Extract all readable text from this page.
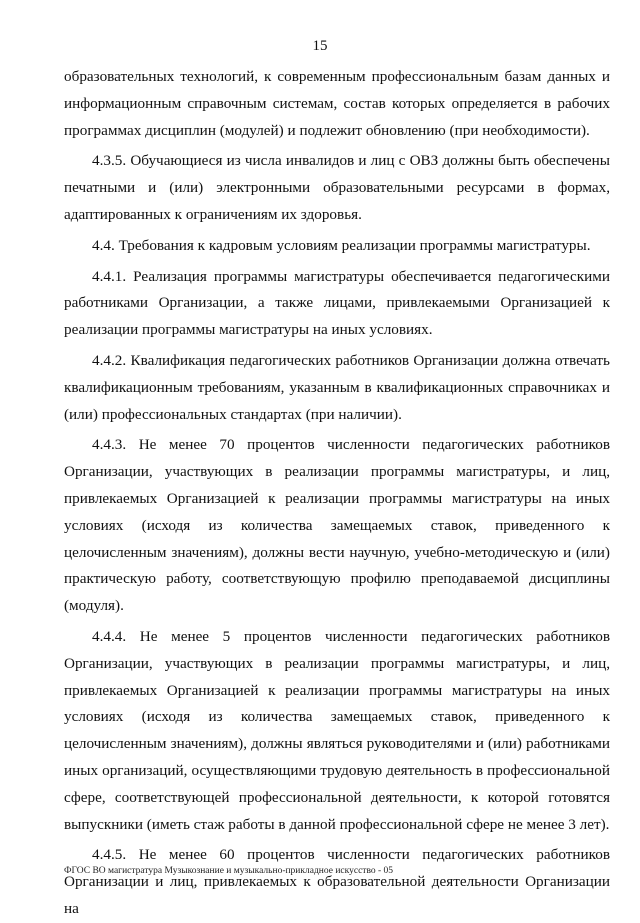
15

образовательных технологий, к современным профессиональным базам данных и информационным справочным системам, состав которых определяется в рабочих программах дисциплин (модулей) и подлежит обновлению (при необходимости).

4.3.5. Обучающиеся из числа инвалидов и лиц с ОВЗ должны быть обеспечены печатными и (или) электронными образовательными ресурсами в формах, адаптированных к ограничениям их здоровья.

4.4. Требования к кадровым условиям реализации программы магистратуры.

4.4.1. Реализация программы магистратуры обеспечивается педагогическими работниками Организации, а также лицами, привлекаемыми Организацией к реализации программы магистратуры на иных условиях.

4.4.2. Квалификация педагогических работников Организации должна отвечать квалификационным требованиям, указанным в квалификационных справочниках и (или) профессиональных стандартах (при наличии).

4.4.3. Не менее 70 процентов численности педагогических работников Организации, участвующих в реализации программы магистратуры, и лиц, привлекаемых Организацией к реализации программы магистратуры на иных условиях (исходя из количества замещаемых ставок, приведенного к целочисленным значениям), должны вести научную, учебно-методическую и (или) практическую работу, соответствующую профилю преподаваемой дисциплины (модуля).

4.4.4. Не менее 5 процентов численности педагогических работников Организации, участвующих в реализации программы магистратуры, и лиц, привлекаемых Организацией к реализации программы магистратуры на иных условиях (исходя из количества замещаемых ставок, приведенного к целочисленным значениям), должны являться руководителями и (или) работниками иных организаций, осуществляющими трудовую деятельность в профессиональной сфере, соответствующей профессиональной деятельности, к которой готовятся выпускники (иметь стаж работы в данной профессиональной сфере не менее 3 лет).

4.4.5. Не менее 60 процентов численности педагогических работников Организации и лиц, привлекаемых к образовательной деятельности Организации на

ФГОС ВО магистратура Музыкознание и музыкально-прикладное искусство - 05
